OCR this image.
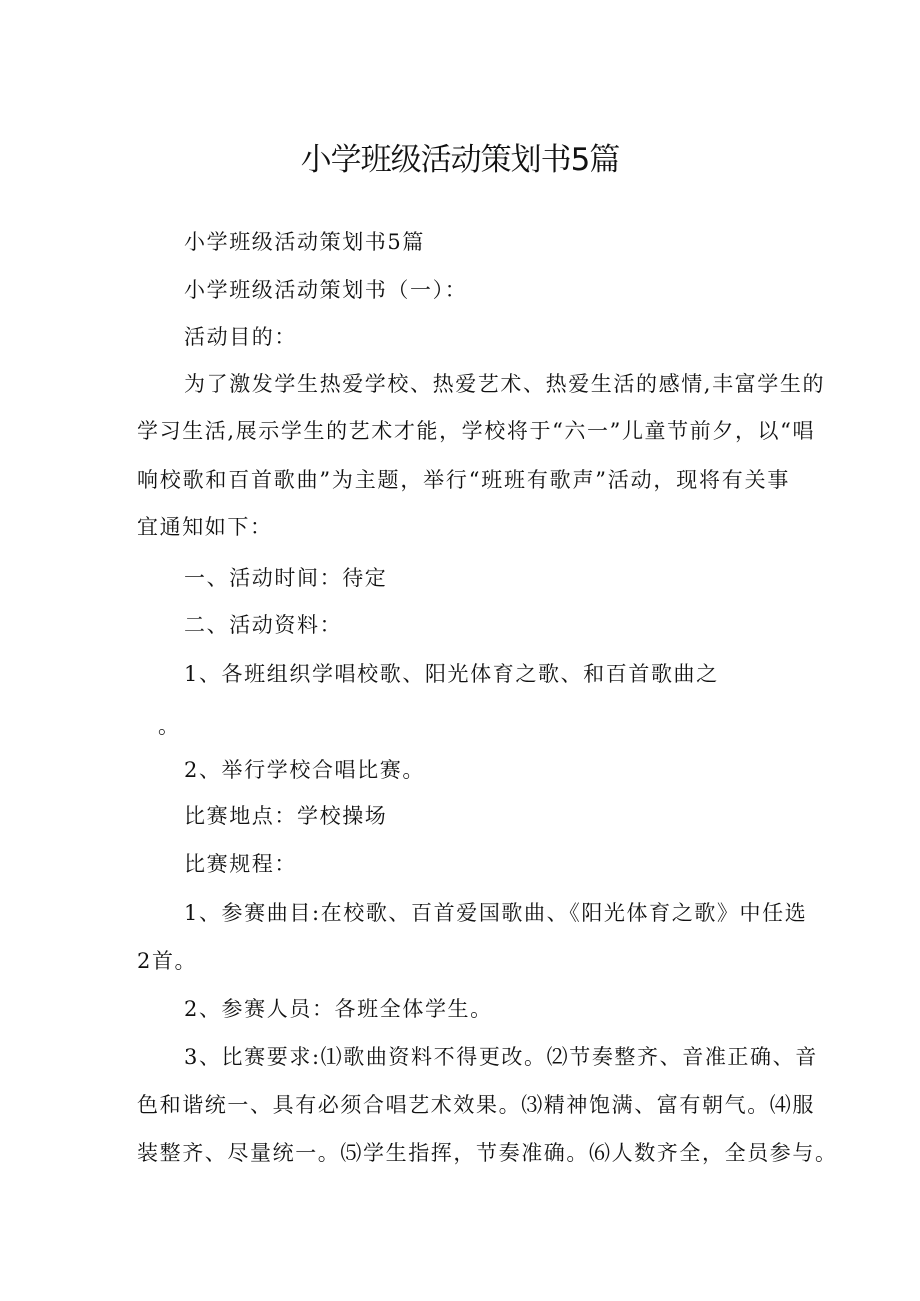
小学班级活动策划书5篇

小学班级活动策划书5篇

小学班级活动策划书（一）：

活动目的：

为了激发学生热爱学校、热爱艺术、热爱生活的感情,丰富学生的

学习生活,展示学生的艺术才能，学校将于“六一”儿童节前夕，以“唱

响校歌和百首歌曲”为主题，举行“班班有歌声”活动，现将有关事

宜通知如下：

一、活动时间：待定

二、活动资料：

1、各班组织学唱校歌、阳光体育之歌、和百首歌曲之

。

2、举行学校合唱比赛。

比赛地点：学校操场

比赛规程：

1、参赛曲目:在校歌、百首爱国歌曲、《阳光体育之歌》中任选

2首。

2、参赛人员：各班全体学生。

3、比赛要求:⑴歌曲资料不得更改。⑵节奏整齐、音准正确、音

色和谐统一、具有必须合唱艺术效果。⑶精神饱满、富有朝气。⑷服

装整齐、尽量统一。⑸学生指挥，节奏准确。⑹人数齐全，全员参与。
